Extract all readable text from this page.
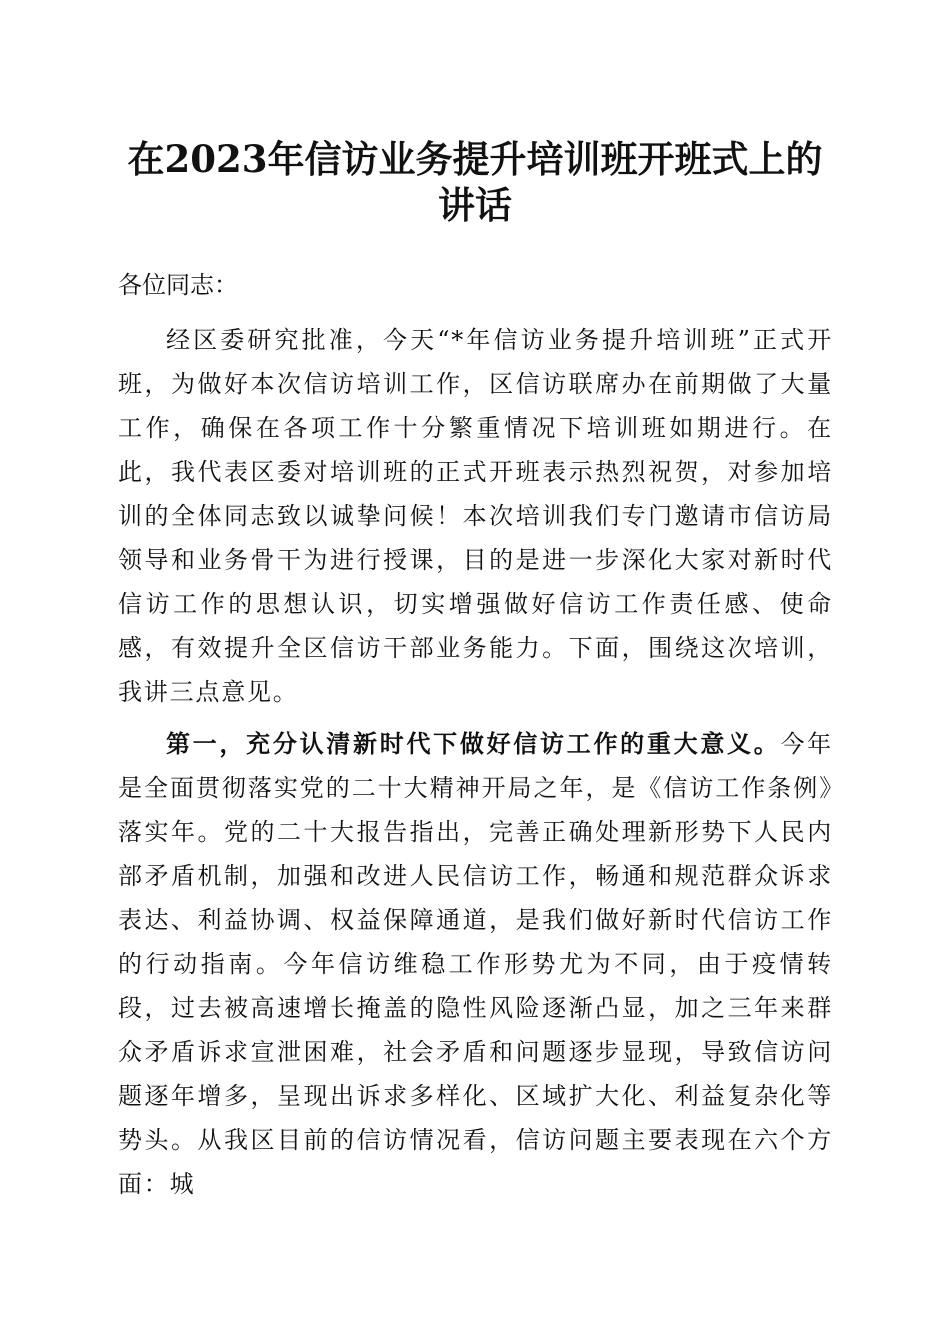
在2023年信访业务提升培训班开班式上的讲话

各位同志：

经区委研究批准，今天“*年信访业务提升培训班”正式开班，为做好本次信访培训工作，区信访联席办在前期做了大量工作，确保在各项工作十分繁重情况下培训班如期进行。在此，我代表区委对培训班的正式开班表示热烈祝贺，对参加培训的全体同志致以诚挚问候！本次培训我们专门邀请市信访局领导和业务骨干为进行授课，目的是进一步深化大家对新时代信访工作的思想认识，切实增强做好信访工作责任感、使命感，有效提升全区信访干部业务能力。下面，围绕这次培训，我讲三点意见。

第一，充分认清新时代下做好信访工作的重大意义。今年是全面贯彻落实党的二十大精神开局之年，是《信访工作条例》落实年。党的二十大报告指出，完善正确处理新形势下人民内部矛盾机制，加强和改进人民信访工作，畅通和规范群众诉求表达、利益协调、权益保障通道，是我们做好新时代信访工作的行动指南。今年信访维稳工作形势尤为不同，由于疫情转段，过去被高速增长掩盖的隐性风险逐渐凸显，加之三年来群众矛盾诉求宣泄困难，社会矛盾和问题逐步显现，导致信访问题逐年增多，呈现出诉求多样化、区域扩大化、利益复杂化等势头。从我区目前的信访情况看，信访问题主要表现在六个方面：城
